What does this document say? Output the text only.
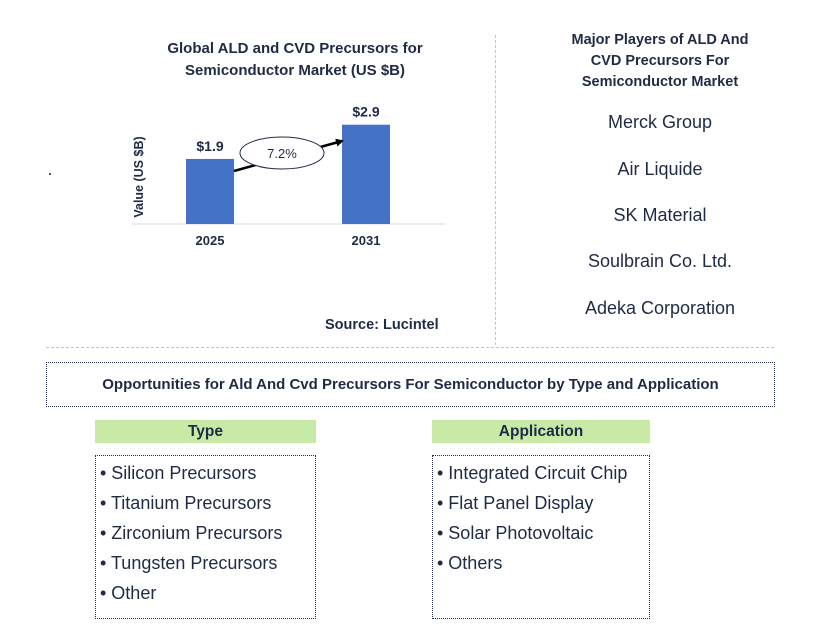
Global ALD and CVD Precursors for
Semiconductor Market (US $B)
Value (US $B)	$1.9
2025
$2.9
2031
7.2%
Source: Lucintel
Major Players of ALD And
CVD Precursors For
Semiconductor Market
Merck Group
Air Liquide
SK Material
Soulbrain Co. Ltd.
Adeka Corporation
Opportunities for Ald And Cvd Precursors For Semiconductor by Type and Application
Type
• Silicon Precursors
• Titanium Precursors
• Zirconium Precursors
• Tungsten Precursors
• Other
Application
• Integrated Circuit Chip
• Flat Panel Display
• Solar Photovoltaic
• Others
